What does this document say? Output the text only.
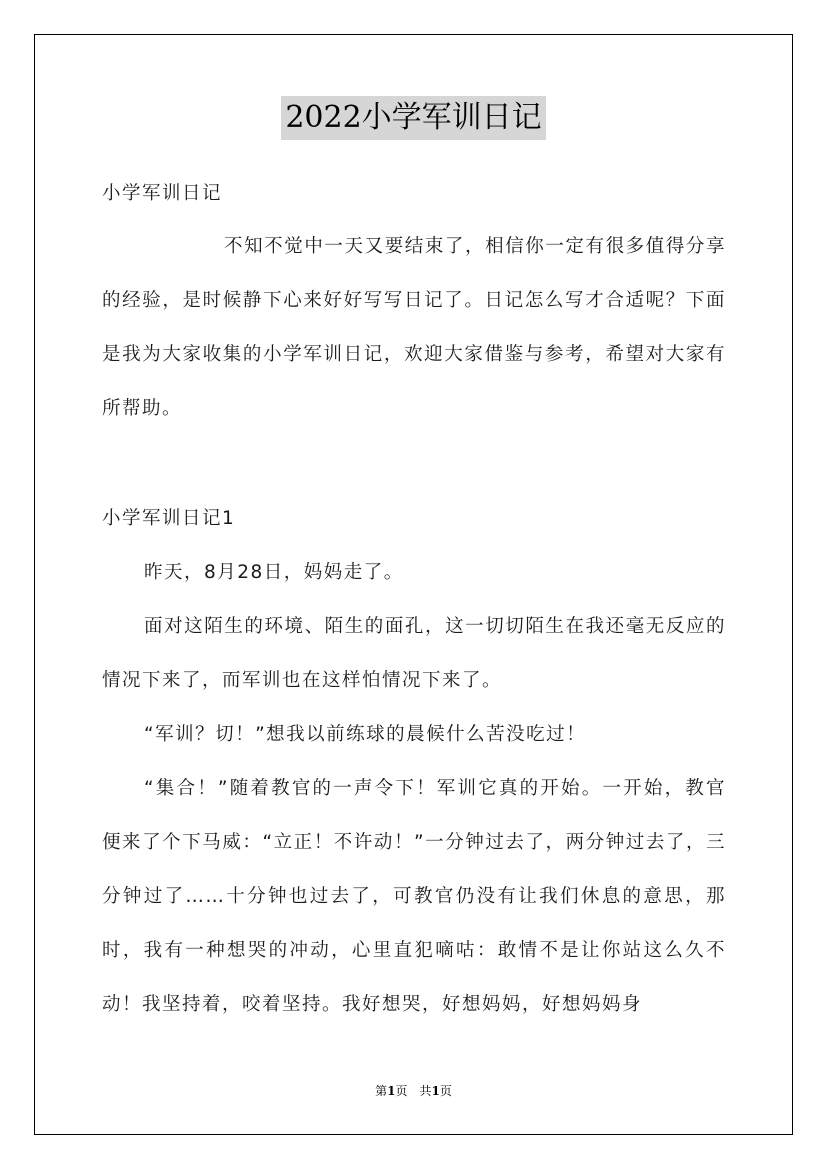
2022小学军训日记

小学军训日记

不知不觉中一天又要结束了，相信你一定有很多值得分享的经验，是时候静下心来好好写写日记了。日记怎么写才合适呢？下面是我为大家收集的小学军训日记，欢迎大家借鉴与参考，希望对大家有所帮助。

小学军训日记1

昨天，8月28日，妈妈走了。

面对这陌生的环境、陌生的面孔，这一切切陌生在我还毫无反应的情况下来了，而军训也在这样怕情况下来了。

“军训？切！”想我以前练球的晨候什么苦没吃过！

“集合！”随着教官的一声令下！军训它真的开始。一开始，教官便来了个下马威：“立正！不许动！”一分钟过去了，两分钟过去了，三分钟过了……十分钟也过去了，可教官仍没有让我们休息的意思，那时，我有一种想哭的冲动，心里直犯嘀咕：敢情不是让你站这么久不动！我坚持着，咬着坚持。我好想哭，好想妈妈，好想妈妈身

第1页　共1页
